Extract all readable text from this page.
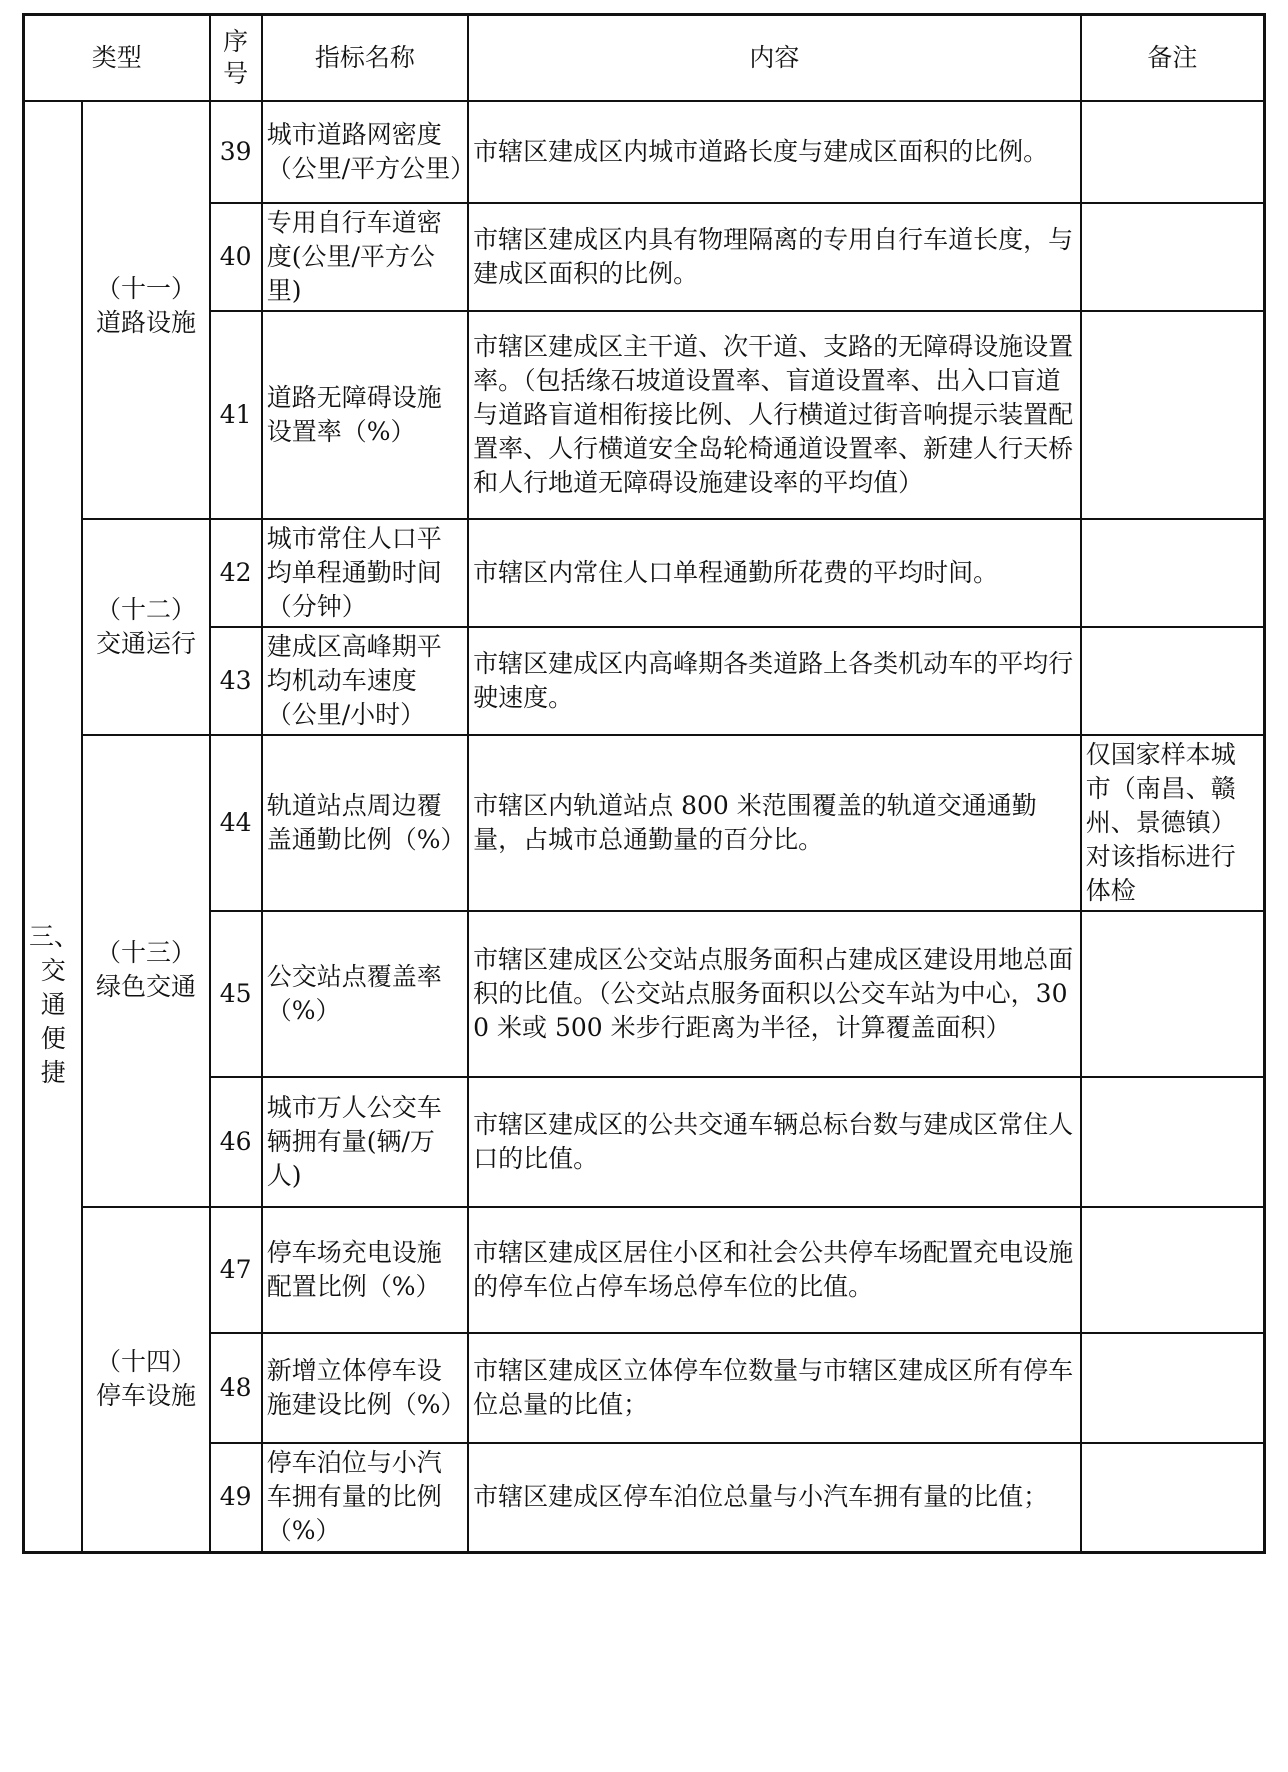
类型		序号	指标名称	内容	备注
三、交通便捷	（十一）道路设施	39	城市道路网密度（公里/平方公里）	市辖区建成区内城市道路长度与建成区面积的比例。	
		40	专用自行车道密度(公里/平方公里)	市辖区建成区内具有物理隔离的专用自行车道长度，与建成区面积的比例。	
		41	道路无障碍设施设置率（%）	市辖区建成区主干道、次干道、支路的无障碍设施设置率。（包括缘石坡道设置率、盲道设置率、出入口盲道与道路盲道相衔接比例、人行横道过街音响提示装置配置率、人行横道安全岛轮椅通道设置率、新建人行天桥和人行地道无障碍设施建设率的平均值）	
	（十二）交通运行	42	城市常住人口平均单程通勤时间（分钟）	市辖区内常住人口单程通勤所花费的平均时间。	
		43	建成区高峰期平均机动车速度（公里/小时）	市辖区建成区内高峰期各类道路上各类机动车的平均行驶速度。	
	（十三）绿色交通	44	轨道站点周边覆盖通勤比例（%）	市辖区内轨道站点 800 米范围覆盖的轨道交通通勤量，占城市总通勤量的百分比。	仅国家样本城市（南昌、赣州、景德镇）对该指标进行体检
		45	公交站点覆盖率（%）	市辖区建成区公交站点服务面积占建成区建设用地总面积的比值。（公交站点服务面积以公交车站为中心，300 米或 500 米步行距离为半径，计算覆盖面积）	
		46	城市万人公交车辆拥有量(辆/万人)	市辖区建成区的公共交通车辆总标台数与建成区常住人口的比值。	
	（十四）停车设施	47	停车场充电设施配置比例（%）	市辖区建成区居住小区和社会公共停车场配置充电设施的停车位占停车场总停车位的比值。	
		48	新增立体停车设施建设比例（%）	市辖区建成区立体停车位数量与市辖区建成区所有停车位总量的比值；	
		49	停车泊位与小汽车拥有量的比例（%）	市辖区建成区停车泊位总量与小汽车拥有量的比值；	
